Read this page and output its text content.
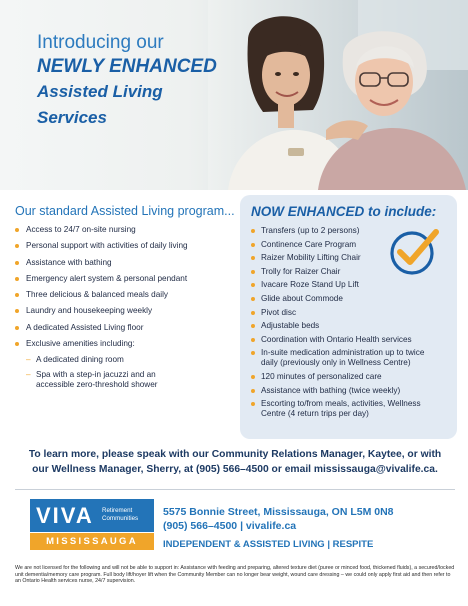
Introducing our
NEWLY ENHANCED
Assisted Living
Services
Our standard Assisted Living program...
Access to 24/7 on-site nursing
Personal support with activities of daily living
Assistance with bathing
Emergency alert system & personal pendant
Three delicious & balanced meals daily
Laundry and housekeeping weekly
A dedicated Assisted Living floor
Exclusive amenities including:
– A dedicated dining room
– Spa with a step-in jacuzzi and an accessible zero-threshold shower
NOW ENHANCED to include:
Transfers (up to 2 persons)
Continence Care Program
Raizer Mobility Lifting Chair
Trolly for Raizer Chair
Ivacare Roze Stand Up Lift
Glide about Commode
Pivot disc
Adjustable beds
Coordination with Ontario Health services
In-suite medication administration up to twice daily (previously only in Wellness Centre)
120 minutes of personalized care
Assistance with bathing (twice weekly)
Escorting to/from meals, activities, Wellness Centre (4 return trips per day)
To learn more, please speak with our Community Relations Manager, Kaytee, or with our Wellness Manager, Sherry, at (905) 566–4500 or email mississauga@vivalife.ca.
VIVA Retirement
Communities
MISSISSAUGA
5575 Bonnie Street, Mississauga, ON L5M 0N8
(905) 566–4500 | vivalife.ca
INDEPENDENT & ASSISTED LIVING | RESPITE
We are not licensed for the following and will not be able to support in: Assistance with feeding and preparing, altered texture diet (puree or minced food, thickened fluids), a secured/locked unit dementia/memory care program. Full body lift/hoyer lift when the Community Member can no longer bear weight, wound care dressing – we could only apply first aid and then refer to an Ontario Health services nurse, 24/7 supervision.
